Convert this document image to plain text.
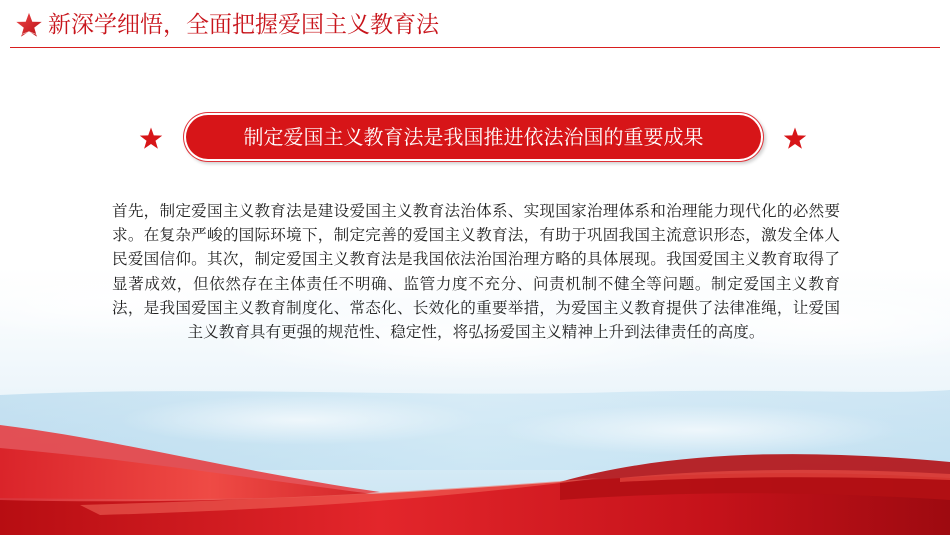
新深学细悟，全面把握爱国主义教育法
制定爱国主义教育法是我国推进依法治国的重要成果
首先，制定爱国主义教育法是建设爱国主义教育法治体系、实现国家治理体系和治理能力现代化的必然要求。在复杂严峻的国际环境下，制定完善的爱国主义教育法，有助于巩固我国主流意识形态，激发全体人民爱国信仰。其次，制定爱国主义教育法是我国依法治国治理方略的具体展现。我国爱国主义教育取得了显著成效，但依然存在主体责任不明确、监管力度不充分、问责机制不健全等问题。制定爱国主义教育法，是我国爱国主义教育制度化、常态化、长效化的重要举措，为爱国主义教育提供了法律准绳，让爱国主义教育具有更强的规范性、稳定性，将弘扬爱国主义精神上升到法律责任的高度。
